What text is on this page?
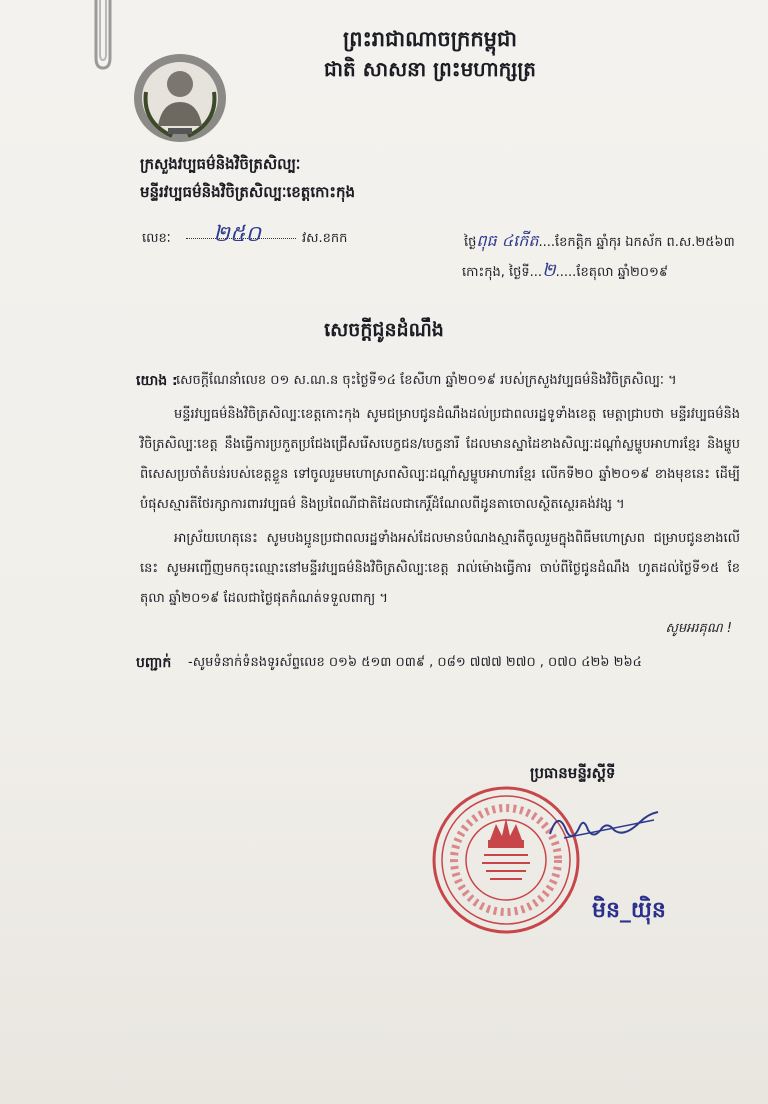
ព្រះរាជាណាចក្រកម្ពុជា
ជាតិ សាសនា ព្រះមហាក្សត្រ
ក្រសួងវប្បធម៌និងវិចិត្រសិល្បៈ
មន្ទីរវប្បធម៌និងវិចិត្រសិល្បៈខេត្តកោះកុង
លេខៈ	២៥០	វស.ខកក	ថ្ងៃពុធ ៤កើត....ខែកត្តិក ឆ្នាំកុរ ឯកស័ក ព.ស.២៥៦៣
កោះកុង, ថ្ងៃទី...២.....ខែតុលា ឆ្នាំ២០១៩
សេចក្តីជូនដំណឹង
យោង :
សេចក្តីណែនាំលេខ ០១ ស.ណ.ន ចុះថ្ងៃទី១៤ ខែសីហា ឆ្នាំ២០១៩ របស់ក្រសួងវប្បធម៌និងវិចិត្រសិល្បៈ ។
មន្ទីរវប្បធម៌និងវិចិត្រសិល្បៈខេត្តកោះកុង សូមជម្រាបជូនដំណឹងដល់ប្រជាពលរដ្ឋទូទាំងខេត្ត មេត្តាជ្រាបថា មន្ទីរវប្បធម៌និងវិចិត្រសិល្បៈខេត្ត នឹងធ្វើការប្រកួតប្រជែងជ្រើសរើសបេក្ខជន/បេក្ខនារី ដែលមានស្នាដៃខាងសិល្បៈដណ្តាំស្លម្ហូបអាហារខ្មែរ និងម្ហូបពិសេសប្រចាំតំបន់របស់ខេត្តខ្លួន ទៅចូលរួមមហោស្រពសិល្បៈដណ្តាំស្លម្ហូបអាហារខ្មែរ លើកទី២០ ឆ្នាំ២០១៩ ខាងមុខនេះ ដើម្បីបំផុសស្មារតីថែរក្សាការពារវប្បធម៌ និងប្រពៃណីជាតិដែលជាកេរ្តិ៍ដំណែលពីដូនតាចោលស្ថិតស្ថេរគង់វង្ស ។
អាស្រ័យហេតុនេះ សូមបងប្អូនប្រជាពលរដ្ឋទាំងអស់ដែលមានបំណងស្មារតីចូលរួមក្នុងពិធីមហោស្រព ជម្រាបជូនខាងលើនេះ សូមអញ្ជើញមកចុះឈ្មោះនៅមន្ទីរវប្បធម៌និងវិចិត្រសិល្បៈខេត្ត រាល់ម៉ោងធ្វើការ ចាប់ពីថ្ងៃជូនដំណឹង ហូតដល់ថ្ងៃទី១៥ ខែតុលា ឆ្នាំ២០១៩ ដែលជាថ្ងៃផុតកំណត់ទទួលពាក្យ ។
សូមអរគុណ !
បញ្ជាក់ -សូមទំនាក់ទំនងទូរស័ព្ទលេខ ០១៦ ៥១៣ ០៣៩ , ០៨១ ៧៧៧ ២៧០ , ០៧០ ៤២៦ ២៦៤
ប្រធានមន្ទីរស្តីទី
មិន_យ៉ិន
